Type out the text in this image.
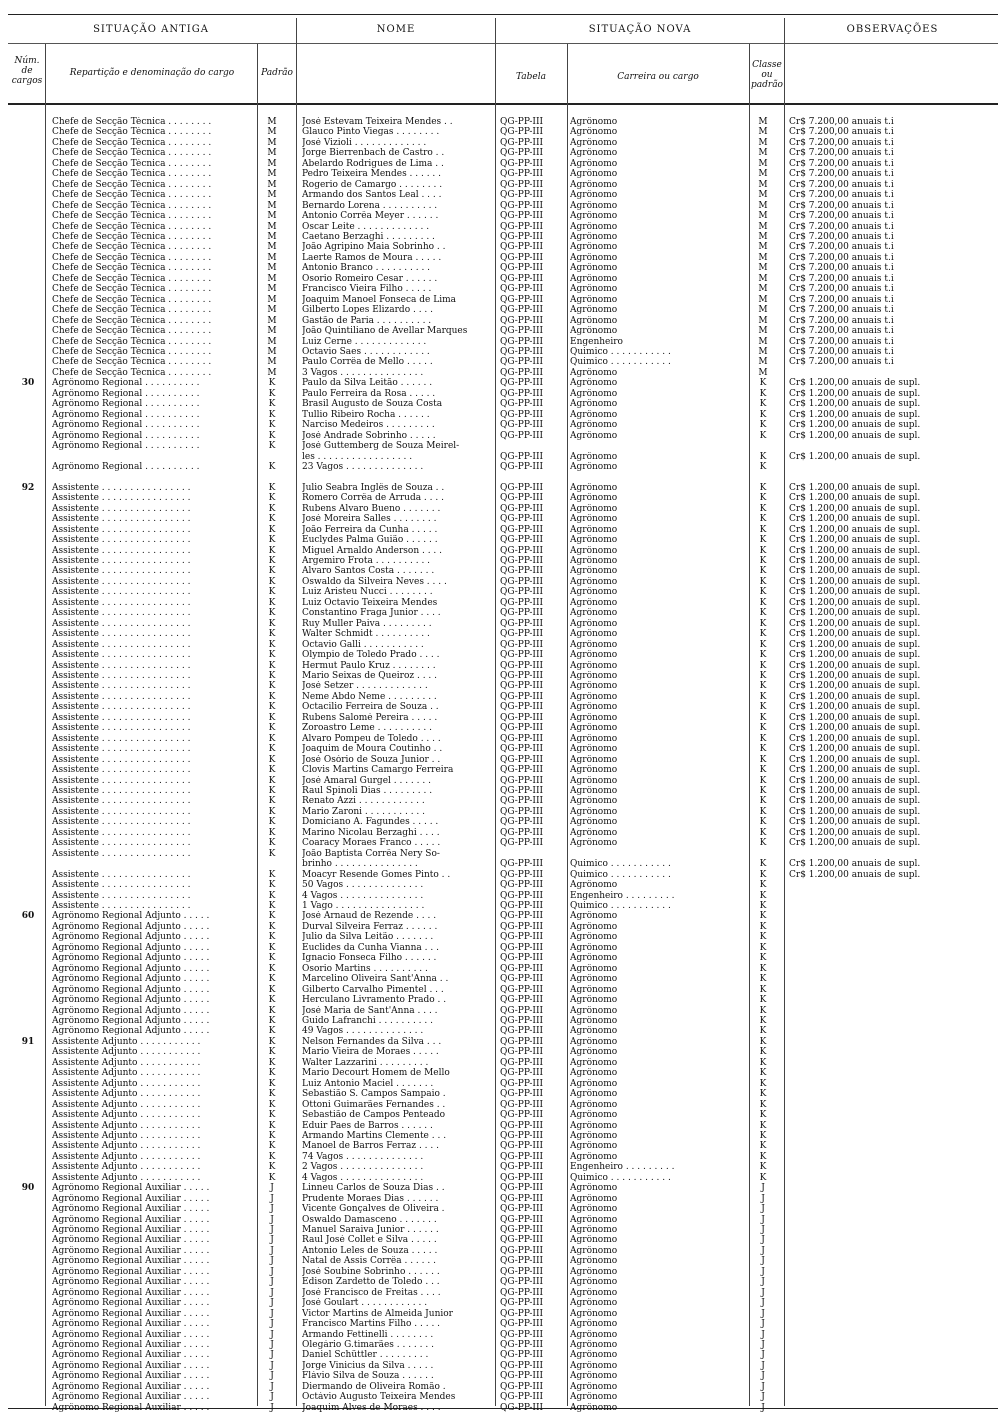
SITUAÇÃO ANTIGA	NOME	SITUAÇÃO NOVA	OBSERVAÇÕES
Núm. de cargos
Repartição e denominação do cargo	Padrão	Tabela	Carreira ou cargo
Classe ou padrão
Chefe de Secção Técnica . . . . . . . .	M	José Estevam Teixeira Mendes . .	QG-PP-III	Agrônomo	M	Cr$ 7.200,00 anuais t.i
Chefe de Secção Técnica . . . . . . . .	M	Glauco Pinto Viegas . . . . . . . .	QG-PP-III	Agrônomo	M	Cr$ 7.200,00 anuais t.i
Chefe de Secção Técnica . . . . . . . .	M	José Vizioli . . . . . . . . . . . . .	QG-PP-III	Agrônomo	M	Cr$ 7.200,00 anuais t.i
Chefe de Secção Técnica . . . . . . . .	M	Jorge Bierrenbach de Castro . .	QG-PP-III	Agrônomo	M	Cr$ 7.200,00 anuais t.i
Chefe de Secção Técnica . . . . . . . .	M	Abelardo Rodrigues de Lima . .	QG-PP-III	Agrônomo	M	Cr$ 7.200,00 anuais t.i
Chefe de Secção Técnica . . . . . . . .	M	Pedro Teixeira Mendes . . . . . .	QG-PP-III	Agrônomo	M	Cr$ 7.200,00 anuais t.i
Chefe de Secção Técnica . . . . . . . .	M	Rogerio de Camargo . . . . . . . .	QG-PP-III	Agrônomo	M	Cr$ 7.200,00 anuais t.i
Chefe de Secção Técnica . . . . . . . .	M	Armando dos Santos Leal . . . .	QG-PP-III	Agrônomo	M	Cr$ 7.200,00 anuais t.i
Chefe de Secção Técnica . . . . . . . .	M	Bernardo Lorena . . . . . . . . . .	QG-PP-III	Agrônomo	M	Cr$ 7.200,00 anuais t.i
Chefe de Secção Técnica . . . . . . . .	M	Antonio Corrêa Meyer . . . . . .	QG-PP-III	Agrônomo	M	Cr$ 7.200,00 anuais t.i
Chefe de Secção Técnica . . . . . . . .	M	Oscar Leite . . . . . . . . . . . . .	QG-PP-III	Agrônomo	M	Cr$ 7.200,00 anuais t.i
Chefe de Secção Técnica . . . . . . . .	M	Caetano Berzaghi . . . . . . . . .	QG-PP-III	Agrônomo	M	Cr$ 7.200,00 anuais t.i
Chefe de Secção Técnica . . . . . . . .	M	João Agripino Maia Sobrinho . .	QG-PP-III	Agrônomo	M	Cr$ 7.200,00 anuais t.i
Chefe de Secção Técnica . . . . . . . .	M	Laerte Ramos de Moura . . . . .	QG-PP-III	Agrônomo	M	Cr$ 7.200,00 anuais t.i
Chefe de Secção Técnica . . . . . . . .	M	Antonio Branco . . . . . . . . . .	QG-PP-III	Agrônomo	M	Cr$ 7.200,00 anuais t.i
Chefe de Secção Técnica . . . . . . . .	M	Osorio Romeiro Cesar . . . . . .	QG-PP-III	Agrônomo	M	Cr$ 7.200,00 anuais t.i
Chefe de Secção Técnica . . . . . . . .	M	Francisco Vieira Filho . . . . .	QG-PP-III	Agrônomo	M	Cr$ 7.200,00 anuais t.i
Chefe de Secção Técnica . . . . . . . .	M	Joaquim Manoel Fonseca de Lima	QG-PP-III	Agrônomo	M	Cr$ 7.200,00 anuais t.i
Chefe de Secção Técnica . . . . . . . .	M	Gilberto Lopes Elizardo . . . .	QG-PP-III	Agrônomo	M	Cr$ 7.200,00 anuais t.i
Chefe de Secção Técnica . . . . . . . .	M	Gastão de Paria . . . . . . . . . .	QG-PP-III	Agrônomo	M	Cr$ 7.200,00 anuais t.i
Chefe de Secção Técnica . . . . . . . .	M	João Quintiliano de Avellar Marques	QG-PP-III	Agrônomo	M	Cr$ 7.200,00 anuais t.i
Chefe de Secção Técnica . . . . . . . .	M	Luiz Cerne . . . . . . . . . . . . .	QG-PP-III	Engenheiro	M	Cr$ 7.200,00 anuais t.i
Chefe de Secção Técnica . . . . . . . .	M	Octavio Saes . . . . . . . . . . . .	QG-PP-III	Quimico . . . . . . . . . . .	M	Cr$ 7.200,00 anuais t.i
Chefe de Secção Técnica . . . . . . . .	M	Paulo Corrêa de Mello . . . . .	QG-PP-III	Quimico . . . . . . . . . . .	M	Cr$ 7.200,00 anuais t.i
Chefe de Secção Técnica . . . . . . . .	M	3 Vagos . . . . . . . . . . . . . . .	QG-PP-III	Agrônomo	M
30	Agrônomo Regional . . . . . . . . . .	K	Paulo da Silva Leitão . . . . . .	QG-PP-III	Agrônomo	K	Cr$ 1.200,00 anuais de supl.
Agrônomo Regional . . . . . . . . . .	K	Paulo Ferreira da Rosa . . . . .	QG-PP-III	Agrônomo	K	Cr$ 1.200,00 anuais de supl.
Agrônomo Regional . . . . . . . . . .	K	Brasil Augusto de Souza Costa	QG-PP-III	Agrônomo	K	Cr$ 1.200,00 anuais de supl.
Agrônomo Regional . . . . . . . . . .	K	Tullio Ribeiro Rocha . . . . . .	QG-PP-III	Agrônomo	K	Cr$ 1.200,00 anuais de supl.
Agrônomo Regional . . . . . . . . . .	K	Narciso Medeiros . . . . . . . . .	QG-PP-III	Agrônomo	K	Cr$ 1.200,00 anuais de supl.
Agrônomo Regional . . . . . . . . . .	K	José Andrade Sobrinho . . . . .	QG-PP-III	Agrônomo	K	Cr$ 1.200,00 anuais de supl.
Agrônomo Regional . . . . . . . . . .	K	José Guttemberg de Souza Meirel-
les . . . . . . . . . . . . . . . . .	QG-PP-III	Agrônomo	K	Cr$ 1.200,00 anuais de supl.
Agrônomo Regional . . . . . . . . . .	K	23 Vagos . . . . . . . . . . . . . .	QG-PP-III	Agrônomo	K
92	Assistente . . . . . . . . . . . . . . . .	K	Julio Seabra Inglês de Souza . .	QG-PP-III	Agrônomo	K	Cr$ 1.200,00 anuais de supl.
Assistente . . . . . . . . . . . . . . . .	K	Romero Corrêa de Arruda . . . .	QG-PP-III	Agrônomo	K	Cr$ 1.200,00 anuais de supl.
Assistente . . . . . . . . . . . . . . . .	K	Rubens Alvaro Bueno . . . . . . .	QG-PP-III	Agrônomo	K	Cr$ 1.200,00 anuais de supl.
Assistente . . . . . . . . . . . . . . . .	K	José Moreira Salles . . . . . . . .	QG-PP-III	Agrônomo	K	Cr$ 1.200,00 anuais de supl.
Assistente . . . . . . . . . . . . . . . .	K	João Ferreira da Cunha . . . . .	QG-PP-III	Agrônomo	K	Cr$ 1.200,00 anuais de supl.
Assistente . . . . . . . . . . . . . . . .	K	Euclydes Palma Guião . . . . . .	QG-PP-III	Agrônomo	K	Cr$ 1.200,00 anuais de supl.
Assistente . . . . . . . . . . . . . . . .	K	Miguel Arnaldo Anderson . . . .	QG-PP-III	Agrônomo	K	Cr$ 1.200,00 anuais de supl.
Assistente . . . . . . . . . . . . . . . .	K	Argemiro Frota . . . . . . . . . .	QG-PP-III	Agrônomo	K	Cr$ 1.200,00 anuais de supl.
Assistente . . . . . . . . . . . . . . . .	K	Alvaro Santos Costa . . . . . . .	QG-PP-III	Agrônomo	K	Cr$ 1.200,00 anuais de supl.
Assistente . . . . . . . . . . . . . . . .	K	Oswaldo da Silveira Neves . . . .	QG-PP-III	Agrônomo	K	Cr$ 1.200,00 anuais de supl.
Assistente . . . . . . . . . . . . . . . .	K	Luiz Aristeu Nucci . . . . . . . .	QG-PP-III	Agrônomo	K	Cr$ 1.200,00 anuais de supl.
Assistente . . . . . . . . . . . . . . . .	K	Luiz Octavio Teixeira Mendes	QG-PP-III	Agrônomo	K	Cr$ 1.200,00 anuais de supl.
Assistente . . . . . . . . . . . . . . . .	K	Constantino Fraga Junior . . . .	QG-PP-III	Agrônomo	K	Cr$ 1.200,00 anuais de supl.
Assistente . . . . . . . . . . . . . . . .	K	Ruy Muller Paiva . . . . . . . . .	QG-PP-III	Agrônomo	K	Cr$ 1.200,00 anuais de supl.
Assistente . . . . . . . . . . . . . . . .	K	Walter Schmidt . . . . . . . . . .	QG-PP-III	Agrônomo	K	Cr$ 1.200,00 anuais de supl.
Assistente . . . . . . . . . . . . . . . .	K	Octavio Galli . . . . . . . . . . .	QG-PP-III	Agrônomo	K	Cr$ 1.200,00 anuais de supl.
Assistente . . . . . . . . . . . . . . . .	K	Olympio de Toledo Prado . . . .	QG-PP-III	Agrônomo	K	Cr$ 1.200,00 anuais de supl.
Assistente . . . . . . . . . . . . . . . .	K	Hermut Paulo Kruz . . . . . . . .	QG-PP-III	Agrônomo	K	Cr$ 1.200,00 anuais de supl.
Assistente . . . . . . . . . . . . . . . .	K	Mario Seixas de Queiroz . . . .	QG-PP-III	Agrônomo	K	Cr$ 1.200,00 anuais de supl.
Assistente . . . . . . . . . . . . . . . .	K	José Setzer . . . . . . . . . . . . .	QG-PP-III	Agrônomo	K	Cr$ 1.200,00 anuais de supl.
Assistente . . . . . . . . . . . . . . . .	K	Neme Abdo Neme . . . . . . . . .	QG-PP-III	Agrônomo	K	Cr$ 1.200,00 anuais de supl.
Assistente . . . . . . . . . . . . . . . .	K	Octacilio Ferreira de Souza . .	QG-PP-III	Agrônomo	K	Cr$ 1.200,00 anuais de supl.
Assistente . . . . . . . . . . . . . . . .	K	Rubens Salomé Pereira . . . . .	QG-PP-III	Agrônomo	K	Cr$ 1.200,00 anuais de supl.
Assistente . . . . . . . . . . . . . . . .	K	Zoroastro Leme . . . . . . . . . .	QG-PP-III	Agrônomo	K	Cr$ 1.200,00 anuais de supl.
Assistente . . . . . . . . . . . . . . . .	K	Alvaro Pompeu de Toledo . . . .	QG-PP-III	Agrônomo	K	Cr$ 1.200,00 anuais de supl.
Assistente . . . . . . . . . . . . . . . .	K	Joaquim de Moura Coutinho . .	QG-PP-III	Agrônomo	K	Cr$ 1.200,00 anuais de supl.
Assistente . . . . . . . . . . . . . . . .	K	José Osório de Souza Junior . .	QG-PP-III	Agrônomo	K	Cr$ 1.200,00 anuais de supl.
Assistente . . . . . . . . . . . . . . . .	K	Clovis Martins Camargo Ferreira	QG-PP-III	Agrônomo	K	Cr$ 1.200,00 anuais de supl.
Assistente . . . . . . . . . . . . . . . .	K	José Amaral Gurgel . . . . . . .	QG-PP-III	Agrônomo	K	Cr$ 1.200,00 anuais de supl.
Assistente . . . . . . . . . . . . . . . .	K	Raul Spinoli Dias . . . . . . . . .	QG-PP-III	Agrônomo	K	Cr$ 1.200,00 anuais de supl.
Assistente . . . . . . . . . . . . . . . .	K	Renato Azzi . . . . . . . . . . . .	QG-PP-III	Agrônomo	K	Cr$ 1.200,00 anuais de supl.
Assistente . . . . . . . . . . . . . . . .	K	Mario Zaroni . . . . . . . . . . .	QG-PP-III	Agrônomo	K	Cr$ 1.200,00 anuais de supl.
Assistente . . . . . . . . . . . . . . . .	K	Domiciano A. Fagundes . . . . .	QG-PP-III	Agrônomo	K	Cr$ 1.200,00 anuais de supl.
Assistente . . . . . . . . . . . . . . . .	K	Marino Nicolau Berzaghi . . . .	QG-PP-III	Agrônomo	K	Cr$ 1.200,00 anuais de supl.
Assistente . . . . . . . . . . . . . . . .	K	Coaracy Moraes Franco . . . . .	QG-PP-III	Agrônomo	K	Cr$ 1.200,00 anuais de supl.
Assistente . . . . . . . . . . . . . . . .	K	João Baptista Corrêa Nery So-
brinho . . . . . . . . . . . . . . .	QG-PP-III	Quimico . . . . . . . . . . .	K	Cr$ 1.200,00 anuais de supl.
Assistente . . . . . . . . . . . . . . . .	K	Moacyr Resende Gomes Pinto . .	QG-PP-III	Quimico . . . . . . . . . . .	K	Cr$ 1.200,00 anuais de supl.
Assistente . . . . . . . . . . . . . . . .	K	50 Vagos . . . . . . . . . . . . . .	QG-PP-III	Agrônomo	K
Assistente . . . . . . . . . . . . . . . .	K	4 Vagos . . . . . . . . . . . . . . .	QG-PP-III	Engenheiro . . . . . . . . .	K
Assistente . . . . . . . . . . . . . . . .	K	1 Vago . . . . . . . . . . . . . . . .	QG-PP-III	Quimico . . . . . . . . . . .	K
60	Agrônomo Regional Adjunto . . . . .	K	José Arnaud de Rezende . . . .	QG-PP-III	Agrônomo	K
Agrônomo Regional Adjunto . . . . .	K	Durval Silveira Ferraz . . . . . .	QG-PP-III	Agrônomo	K
Agrônomo Regional Adjunto . . . . .	K	Julio da Silva Leitão . . . . . . .	QG-PP-III	Agrônomo	K
Agrônomo Regional Adjunto . . . . .	K	Euclides da Cunha Vianna . . .	QG-PP-III	Agrônomo	K
Agrônomo Regional Adjunto . . . . .	K	Ignacio Fonseca Filho . . . . . .	QG-PP-III	Agrônomo	K
Agrônomo Regional Adjunto . . . . .	K	Osorio Martins . . . . . . . . . .	QG-PP-III	Agrônomo	K
Agrônomo Regional Adjunto . . . . .	K	Marcelino Oliveira Sant'Anna . .	QG-PP-III	Agrônomo	K
Agrônomo Regional Adjunto . . . . .	K	Gilberto Carvalho Pimentel . . .	QG-PP-III	Agrônomo	K
Agrônomo Regional Adjunto . . . . .	K	Herculano Livramento Prado . .	QG-PP-III	Agrônomo	K
Agrônomo Regional Adjunto . . . . .	K	José Maria de Sant'Anna . . . .	QG-PP-III	Agrônomo	K
Agrônomo Regional Adjunto . . . . .	K	Guido Lafranchi . . . . . . . . . .	QG-PP-III	Agrônomo	K
Agrônomo Regional Adjunto . . . . .	K	49 Vagos . . . . . . . . . . . . . .	QG-PP-III	Agrônomo	K
91	Assistente Adjunto . . . . . . . . . . .	K	Nelson Fernandes da Silva . . .	QG-PP-III	Agrônomo	K
Assistente Adjunto . . . . . . . . . . .	K	Mario Vieira de Moraes . . . . .	QG-PP-III	Agrônomo	K
Assistente Adjunto . . . . . . . . . . .	K	Walter Lazzarini . . . . . . . . .	QG-PP-III	Agrônomo	K
Assistente Adjunto . . . . . . . . . . .	K	Mario Decourt Homem de Mello	QG-PP-III	Agrônomo	K
Assistente Adjunto . . . . . . . . . . .	K	Luiz Antonio Maciel . . . . . . .	QG-PP-III	Agrônomo	K
Assistente Adjunto . . . . . . . . . . .	K	Sebastião S. Campos Sampaio .	QG-PP-III	Agrônomo	K
Assistente Adjunto . . . . . . . . . . .	K	Ottoni Guimarães Fernandes . .	QG-PP-III	Agrônomo	K
Assistente Adjunto . . . . . . . . . . .	K	Sebastião de Campos Penteado	QG-PP-III	Agrônomo	K
Assistente Adjunto . . . . . . . . . . .	K	Eduir Paes de Barros . . . . . .	QG-PP-III	Agrônomo	K
Assistente Adjunto . . . . . . . . . . .	K	Armando Martins Clemente . . .	QG-PP-III	Agrônomo	K
Assistente Adjunto . . . . . . . . . . .	K	Manoel de Barros Ferraz . . . .	QG-PP-III	Agrônomo	K
Assistente Adjunto . . . . . . . . . . .	K	74 Vagos . . . . . . . . . . . . . .	QG-PP-III	Agrônomo	K
Assistente Adjunto . . . . . . . . . . .	K	2 Vagos . . . . . . . . . . . . . . .	QG-PP-III	Engenheiro . . . . . . . . .	K
Assistente Adjunto . . . . . . . . . . .	K	4 Vagos . . . . . . . . . . . . . . .	QG-PP-III	Quimico . . . . . . . . . . .	K
90	Agrônomo Regional Auxiliar . . . . .	J	Linneu Carlos de Souza Dias . .	QG-PP-III	Agrônomo	J
Agrônomo Regional Auxiliar . . . . .	J	Prudente Moraes Dias . . . . . .	QG-PP-III	Agrônomo	J
Agrônomo Regional Auxiliar . . . . .	J	Vicente Gonçalves de Oliveira .	QG-PP-III	Agrônomo	J
Agrônomo Regional Auxiliar . . . . .	J	Oswaldo Damasceno . . . . . . .	QG-PP-III	Agrônomo	J
Agrônomo Regional Auxiliar . . . . .	J	Manuel Saraiva Junior . . . . . .	QG-PP-III	Agrônomo	J
Agrônomo Regional Auxiliar . . . . .	J	Raul José Collet e Silva . . . . .	QG-PP-III	Agrônomo	J
Agrônomo Regional Auxiliar . . . . .	J	Antonio Leles de Souza . . . . .	QG-PP-III	Agrônomo	J
Agrônomo Regional Auxiliar . . . . .	J	Natal de Assis Corrêa . . . . . .	QG-PP-III	Agrônomo	J
Agrônomo Regional Auxiliar . . . . .	J	José Soubine Sobrinho . . . . . .	QG-PP-III	Agrônomo	J
Agrônomo Regional Auxiliar . . . . .	J	Edison Zardetto de Toledo . . .	QG-PP-III	Agrônomo	J
Agrônomo Regional Auxiliar . . . . .	J	José Francisco de Freitas . . . .	QG-PP-III	Agrônomo	J
Agrônomo Regional Auxiliar . . . . .	J	José Goulart . . . . . . . . . . . .	QG-PP-III	Agrônomo	J
Agrônomo Regional Auxiliar . . . . .	J	Victor Martins de Almeida Junior	QG-PP-III	Agrônomo	J
Agrônomo Regional Auxiliar . . . . .	J	Francisco Martins Filho . . . . .	QG-PP-III	Agrônomo	J
Agrônomo Regional Auxiliar . . . . .	J	Armando Fettinelli . . . . . . . .	QG-PP-III	Agrônomo	J
Agrônomo Regional Auxiliar . . . . .	J	Olegário G.timarães . . . . . . .	QG-PP-III	Agrônomo	J
Agrônomo Regional Auxiliar . . . . .	J	Daniel Schüttler . . . . . . . . .	QG-PP-III	Agrônomo	J
Agrônomo Regional Auxiliar . . . . .	J	Jorge Vinicius da Silva . . . . .	QG-PP-III	Agrônomo	J
Agrônomo Regional Auxiliar . . . . .	J	Flávio Silva de Souza . . . . . .	QG-PP-III	Agrônomo	J
Agrônomo Regional Auxiliar . . . . .	J	Diermando de Oliveira Romão .	QG-PP-III	Agrônomo	J
Agrônomo Regional Auxiliar . . . . .	J	Octávio Augusto Teixeira Mendes	QG-PP-III	Agrônomo	J
Agrônomo Regional Auxiliar . . . . .	J	Joaquim Alves de Moraes . . . .	QG-PP-III	Agrônomo	J
